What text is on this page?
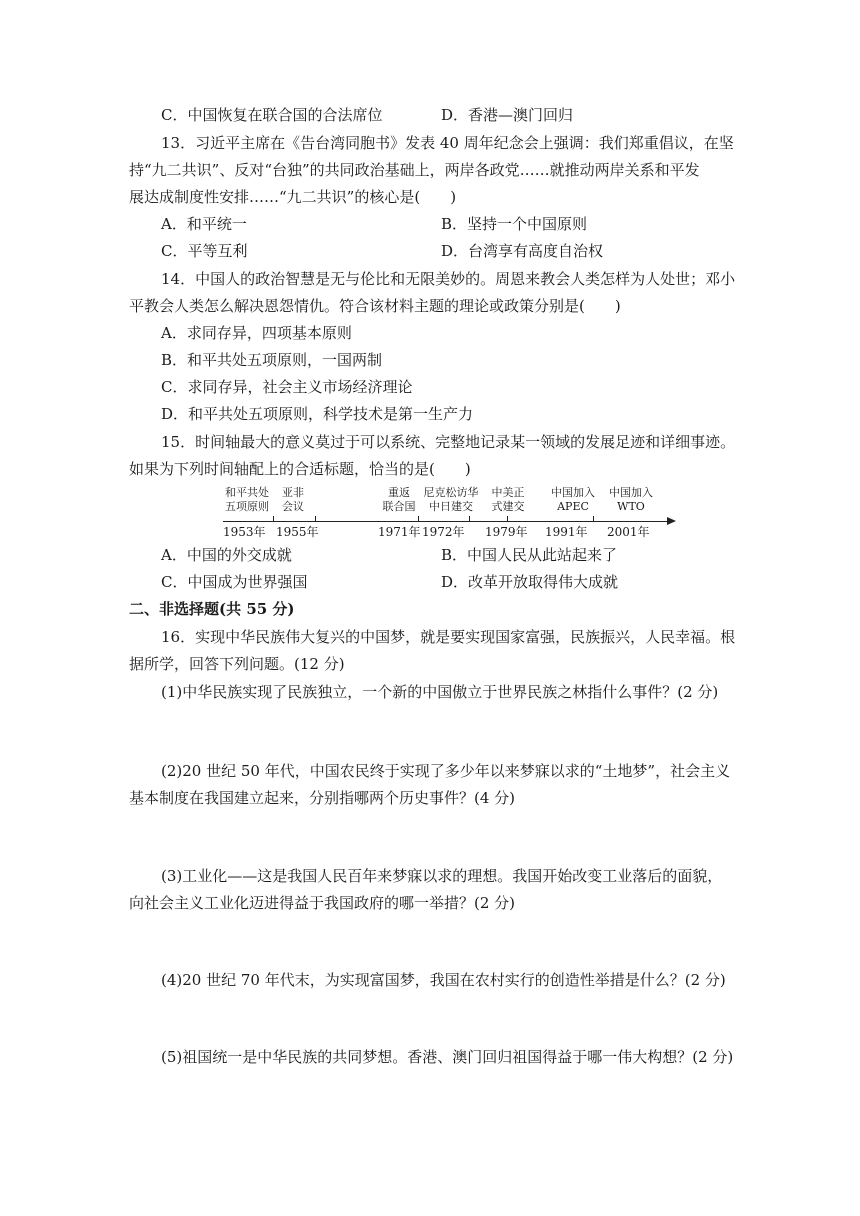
C．中国恢复在联合国的合法席位	D．香港—澳门回归
13．习近平主席在《告台湾同胞书》发表 40 周年纪念会上强调：我们郑重倡议，在坚
持“九二共识”、反对“台独”的共同政治基础上，两岸各政党……就推动两岸关系和平发
展达成制度性安排……“九二共识”的核心是(　　)
A．和平统一	B．坚持一个中国原则
C．平等互利	D．台湾享有高度自治权
14．中国人的政治智慧是无与伦比和无限美妙的。周恩来教会人类怎样为人处世；邓小
平教会人类怎么解决恩怨情仇。符合该材料主题的理论或政策分别是(　　)
A．求同存异，四项基本原则
B．和平共处五项原则，一国两制
C．求同存异，社会主义市场经济理论
D．和平共处五项原则，科学技术是第一生产力
15．时间轴最大的意义莫过于可以系统、完整地记录某一领域的发展足迹和详细事迹。
如果为下列时间轴配上的合适标题，恰当的是(　　)
和平共处
五项原则
亚非
会议
重返
联合国
尼克松访华
中日建交
中美正
式建交
中国加入
APEC
中国加入
WTO
1953年 1955年	1971年 1972年 1979年 1991年 2001年
A．中国的外交成就	B．中国人民从此站起来了
C．中国成为世界强国	D．改革开放取得伟大成就
二、非选择题(共 55 分)
16．实现中华民族伟大复兴的中国梦，就是要实现国家富强，民族振兴，人民幸福。根
据所学，回答下列问题。(12 分)
(1)中华民族实现了民族独立，一个新的中国傲立于世界民族之林指什么事件？(2 分)
(2)20 世纪 50 年代，中国农民终于实现了多少年以来梦寐以求的“土地梦”，社会主义
基本制度在我国建立起来，分别指哪两个历史事件？(4 分)
(3)工业化——这是我国人民百年来梦寐以求的理想。我国开始改变工业落后的面貌，
向社会主义工业化迈进得益于我国政府的哪一举措？(2 分)
(4)20 世纪 70 年代末，为实现富国梦，我国在农村实行的创造性举措是什么？(2 分)
(5)祖国统一是中华民族的共同梦想。香港、澳门回归祖国得益于哪一伟大构想？(2 分)
